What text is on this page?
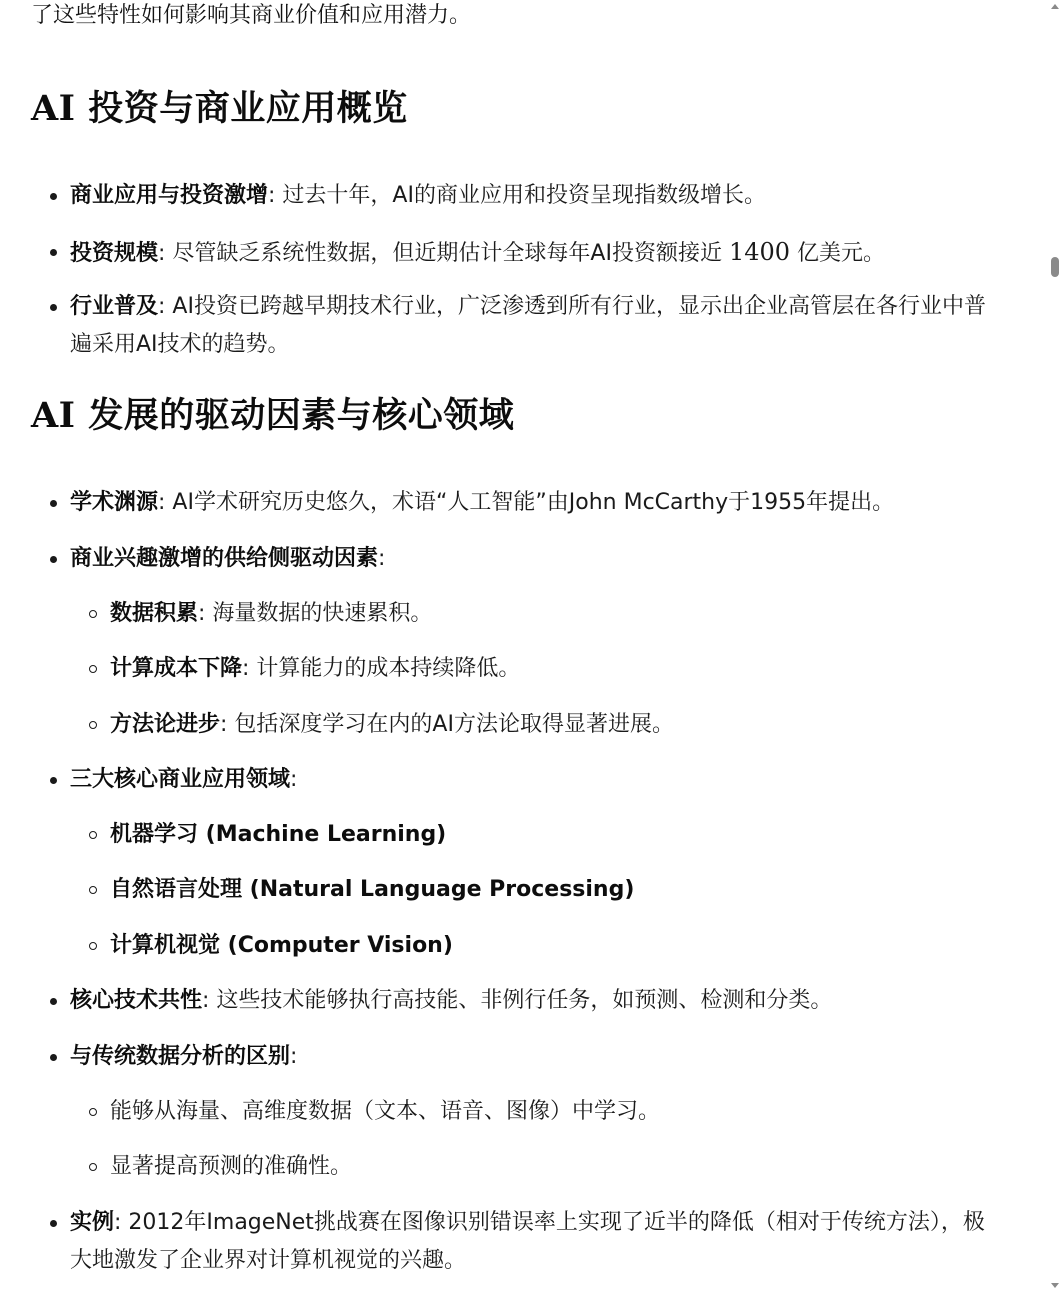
了这些特性如何影响其商业价值和应用潜力。

AI 投资与商业应用概览
商业应用与投资激增: 过去十年，AI的商业应用和投资呈现指数级增长。
投资规模: 尽管缺乏系统性数据，但近期估计全球每年AI投资额接近 1400 亿美元。
行业普及: AI投资已跨越早期技术行业，广泛渗透到所有行业，显示出企业高管层在各行业中普遍采用AI技术的趋势。
AI 发展的驱动因素与核心领域
学术渊源: AI学术研究历史悠久，术语“人工智能”由John McCarthy于1955年提出。
商业兴趣激增的供给侧驱动因素:
数据积累: 海量数据的快速累积。
计算成本下降: 计算能力的成本持续降低。
方法论进步: 包括深度学习在内的AI方法论取得显著进展。
三大核心商业应用领域:
机器学习 (Machine Learning)
自然语言处理 (Natural Language Processing)
计算机视觉 (Computer Vision)
核心技术共性: 这些技术能够执行高技能、非例行任务，如预测、检测和分类。
与传统数据分析的区别:
能够从海量、高维度数据（文本、语音、图像）中学习。
显著提高预测的准确性。
实例: 2012年ImageNet挑战赛在图像识别错误率上实现了近半的降低（相对于传统方法），极大地激发了企业界对计算机视觉的兴趣。
